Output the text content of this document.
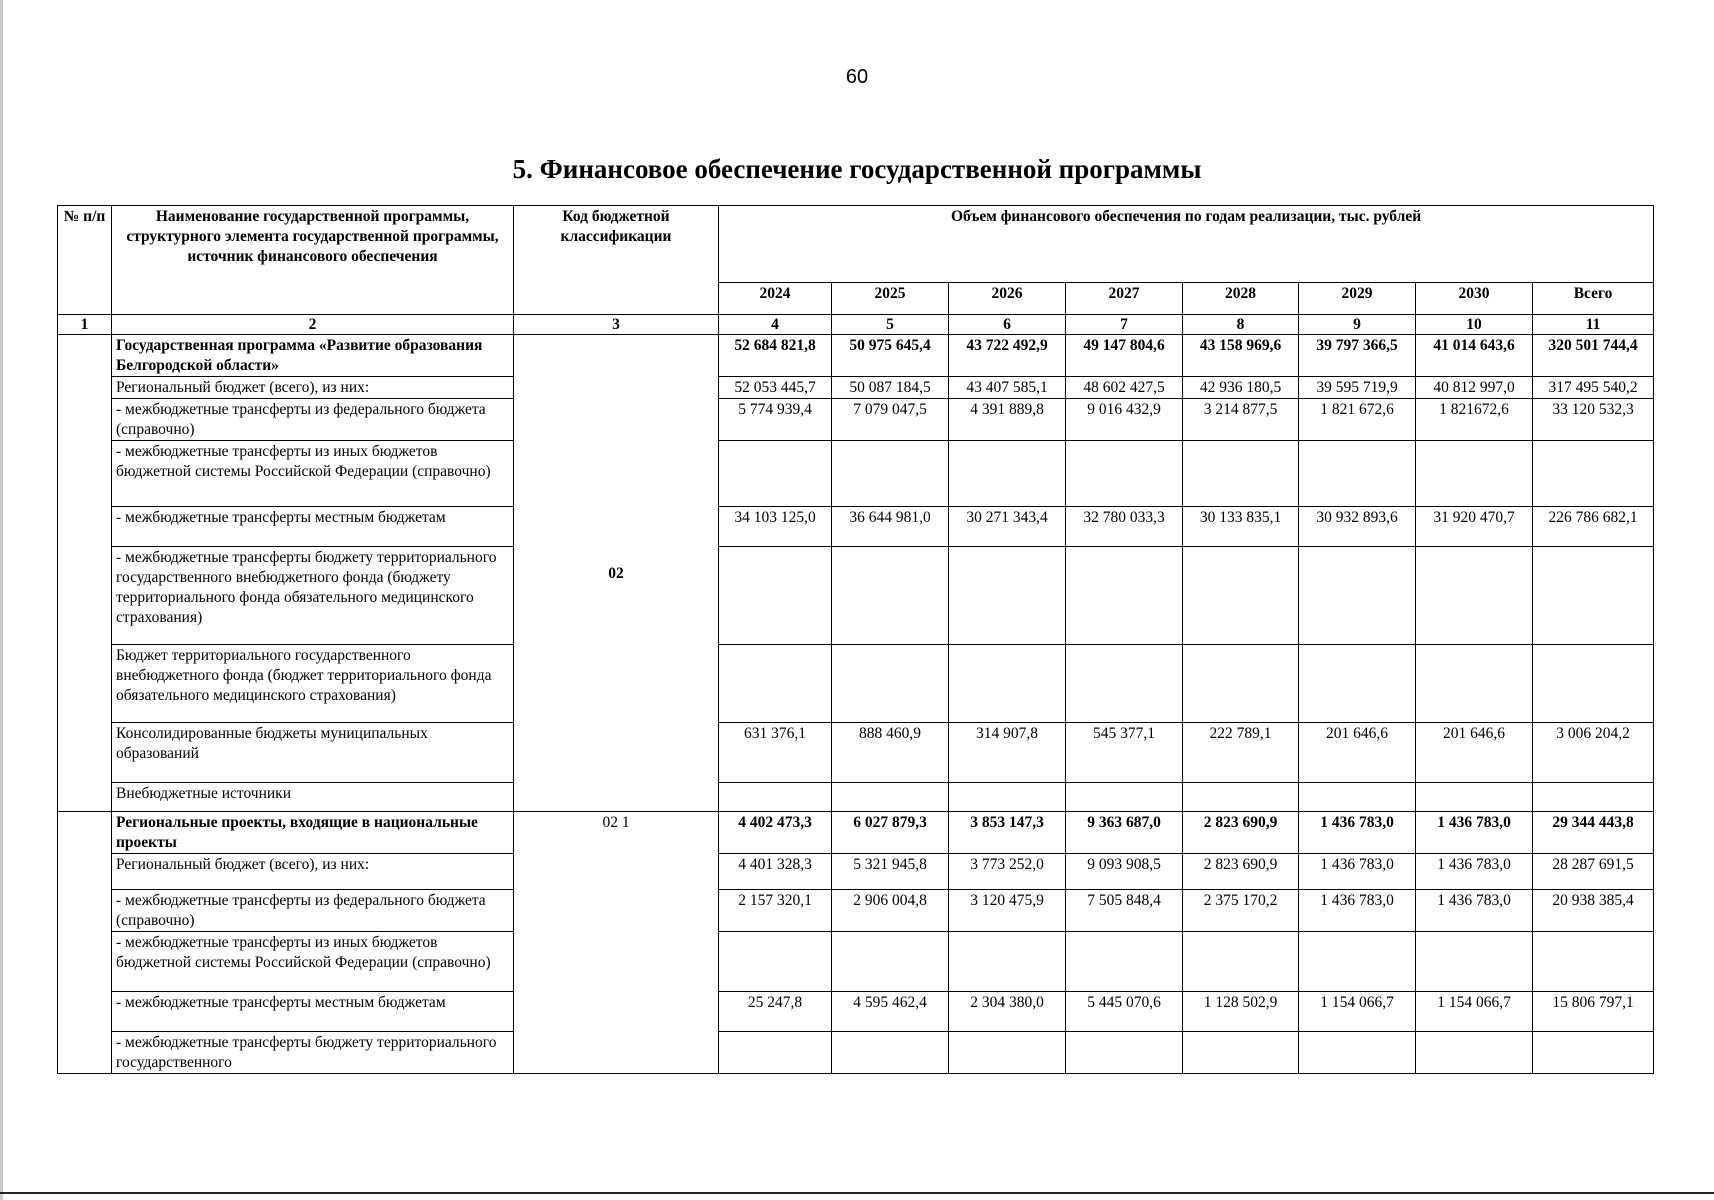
60
5. Финансовое обеспечение государственной программы
№ п/п	Наименование государственной программы, структурного элемента государственной программы, источник финансового обеспечения	Код бюджетной классификации	Объем финансового обеспечения по годам реализации, тыс. рублей							
			2024	2025	2026	2027	2028	2029	2030	Всего
1	2	3	4	5	6	7	8	9	10	11
	Государственная программа «Развитие образования Белгородской области»	02	52 684 821,8	50 975 645,4	43 722 492,9	49 147 804,6	43 158 969,6	39 797 366,5	41 014 643,6	320 501 744,4
	Региональный бюджет (всего), из них:		52 053 445,7	50 087 184,5	43 407 585,1	48 602 427,5	42 936 180,5	39 595 719,9	40 812 997,0	317 495 540,2
	- межбюджетные трансферты из федерального бюджета (справочно)		5 774 939,4	7 079 047,5	4 391 889,8	9 016 432,9	3 214 877,5	1 821 672,6	1 821672,6	33 120 532,3
	- межбюджетные трансферты из иных бюджетов бюджетной системы Российской Федерации (справочно)									
	- межбюджетные трансферты местным бюджетам		34 103 125,0	36 644 981,0	30 271 343,4	32 780 033,3	30 133 835,1	30 932 893,6	31 920 470,7	226 786 682,1
	- межбюджетные трансферты бюджету территориального государственного внебюджетного фонда (бюджету территориального фонда обязательного медицинского страхования)									
	Бюджет территориального государственного внебюджетного фонда (бюджет территориального фонда обязательного медицинского страхования)									
	Консолидированные бюджеты муниципальных образований		631 376,1	888 460,9	314 907,8	545 377,1	222 789,1	201 646,6	201 646,6	3 006 204,2
	Внебюджетные источники									
	Региональные проекты, входящие в национальные проекты	02 1	4 402 473,3	6 027 879,3	3 853 147,3	9 363 687,0	2 823 690,9	1 436 783,0	1 436 783,0	29 344 443,8
	Региональный бюджет (всего), из них:		4 401 328,3	5 321 945,8	3 773 252,0	9 093 908,5	2 823 690,9	1 436 783,0	1 436 783,0	28 287 691,5
	- межбюджетные трансферты из федерального бюджета (справочно)		2 157 320,1	2 906 004,8	3 120 475,9	7 505 848,4	2 375 170,2	1 436 783,0	1 436 783,0	20 938 385,4
	- межбюджетные трансферты из иных бюджетов бюджетной системы Российской Федерации (справочно)									
	- межбюджетные трансферты местным бюджетам		25 247,8	4 595 462,4	2 304 380,0	5 445 070,6	1 128 502,9	1 154 066,7	1 154 066,7	15 806 797,1
	- межбюджетные трансферты бюджету территориального государственного									
